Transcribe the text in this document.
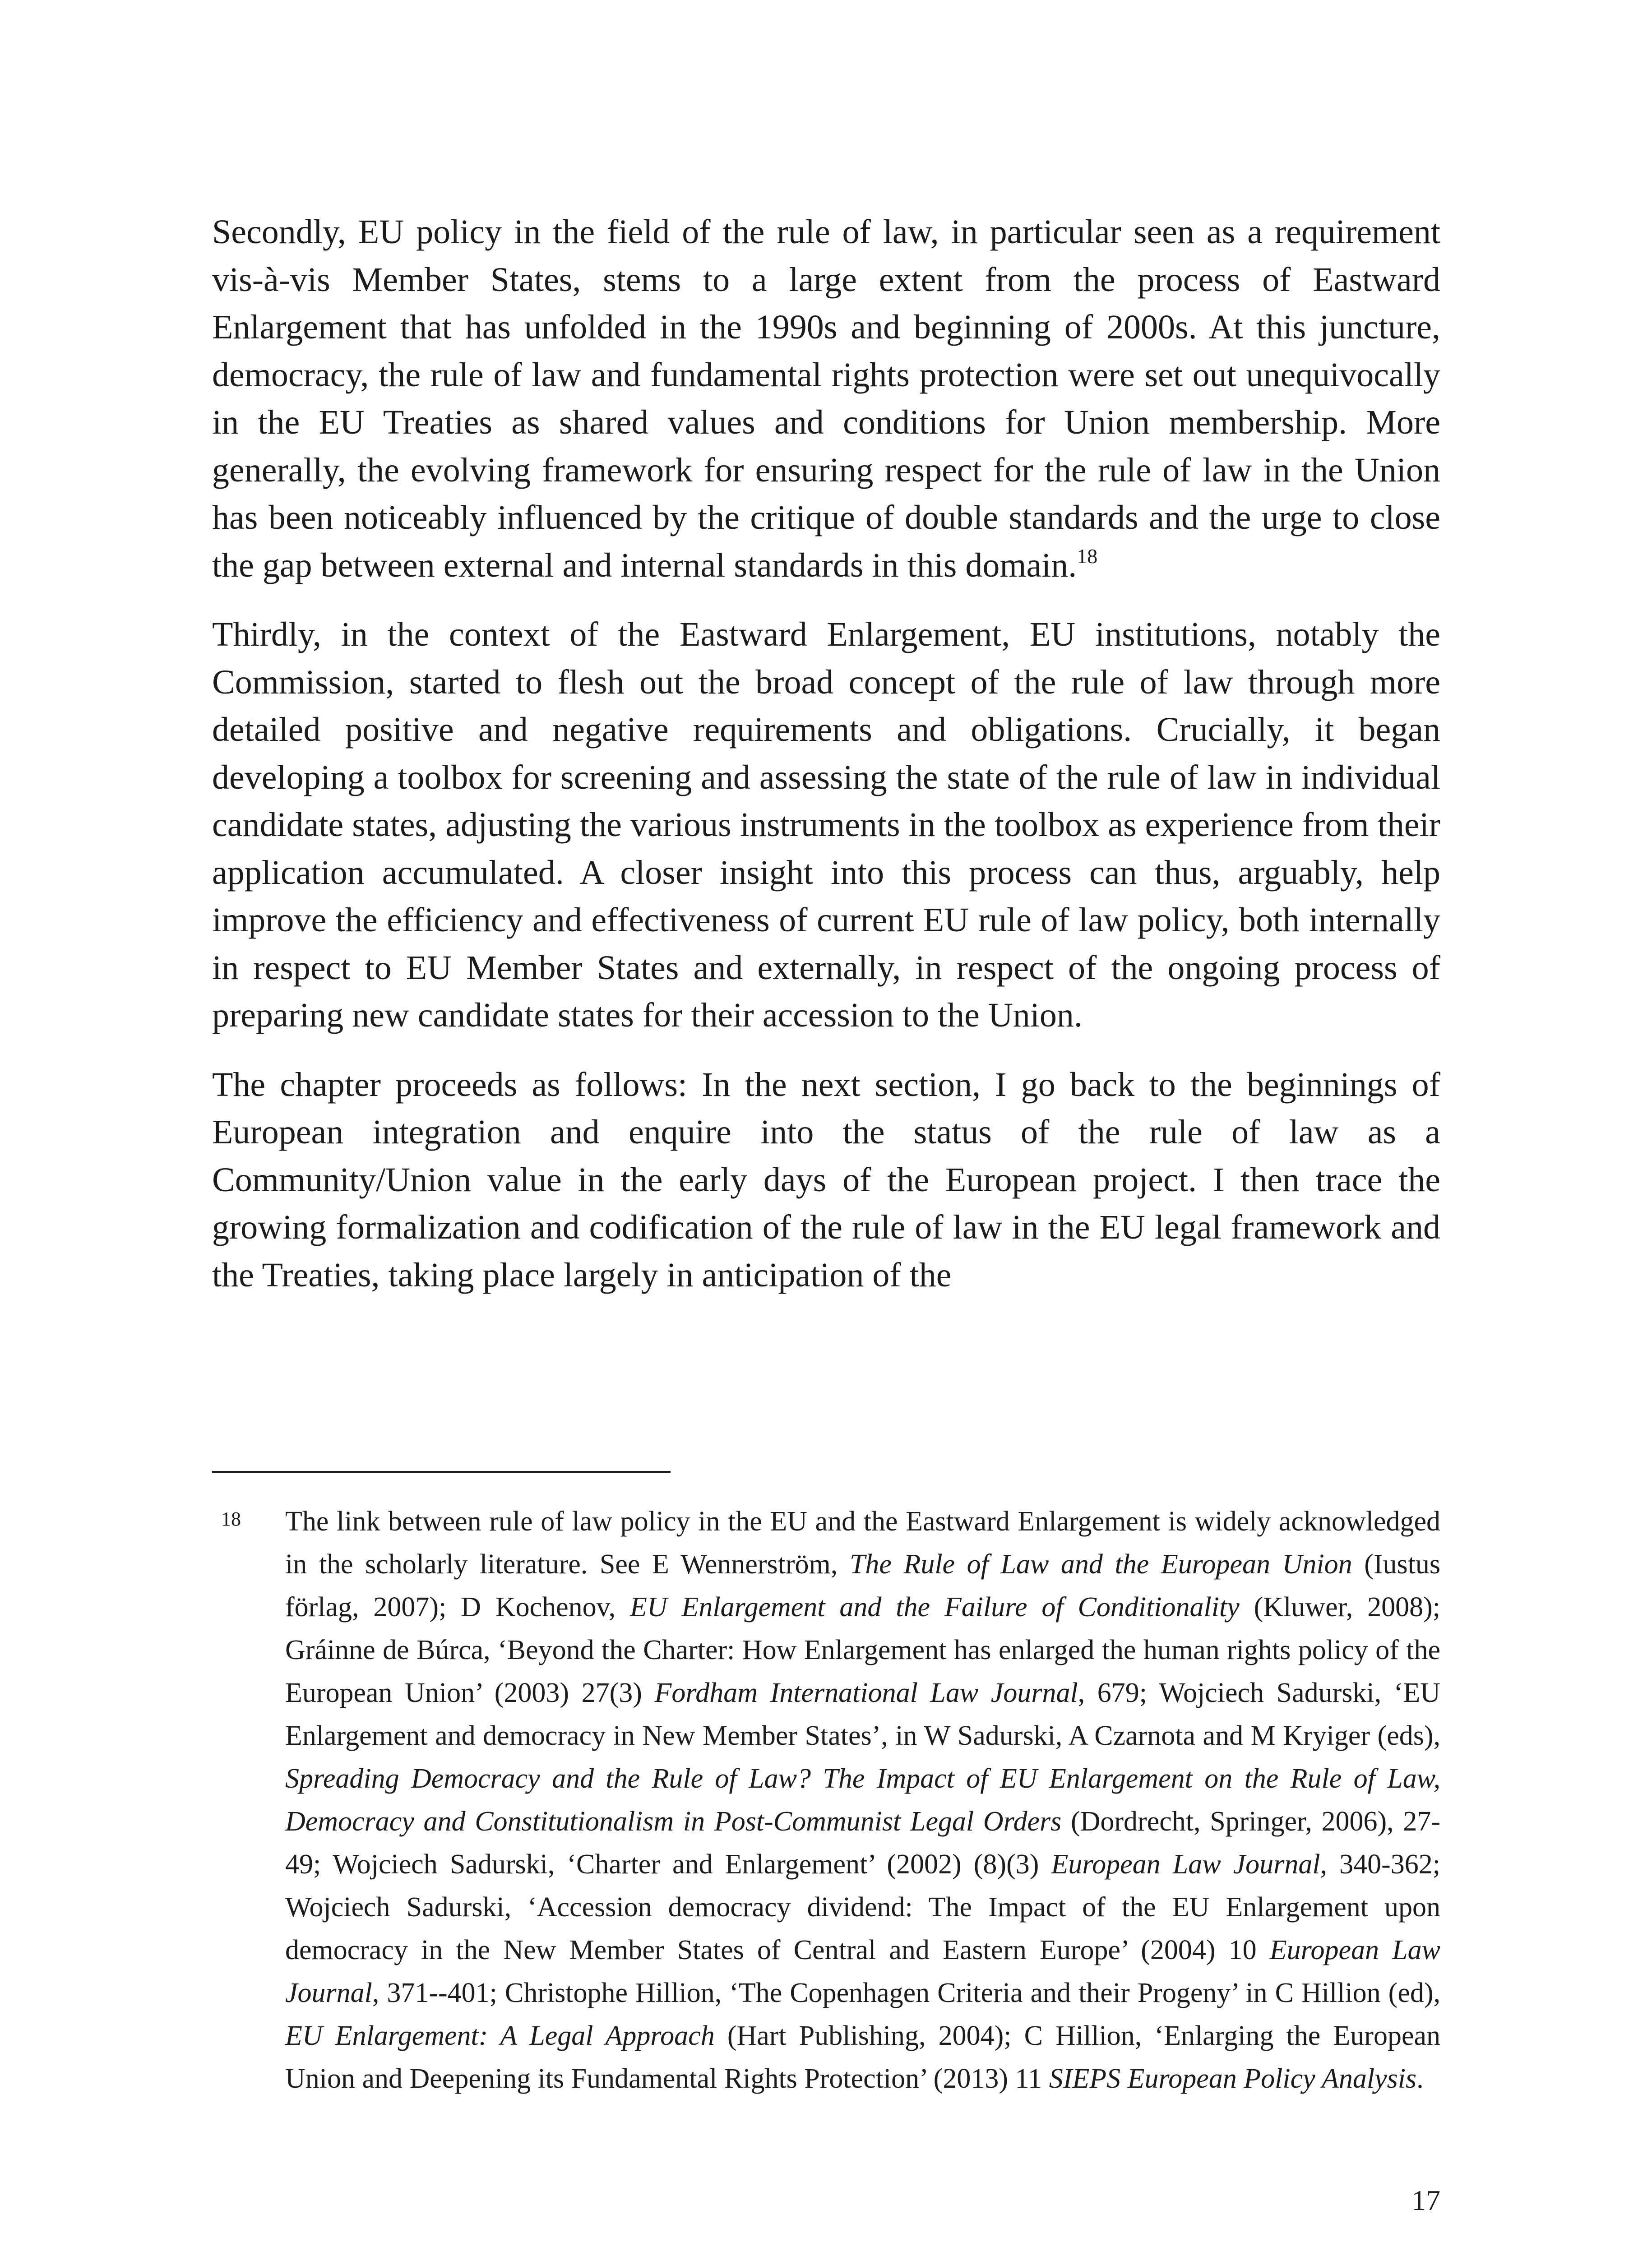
Secondly, EU policy in the field of the rule of law, in particular seen as a requirement vis-à-vis Member States, stems to a large extent from the process of Eastward Enlargement that has unfolded in the 1990s and beginning of 2000s. At this juncture, democracy, the rule of law and fundamental rights protection were set out unequivocally in the EU Treaties as shared values and conditions for Union membership. More generally, the evolving framework for ensuring respect for the rule of law in the Union has been noticeably influenced by the critique of double standards and the urge to close the gap between external and internal standards in this domain.$^{18}$

Thirdly, in the context of the Eastward Enlargement, EU institutions, notably the Commission, started to flesh out the broad concept of the rule of law through more detailed positive and negative requirements and obligations. Crucially, it began developing a toolbox for screening and assessing the state of the rule of law in individual candidate states, adjusting the various instruments in the toolbox as experience from their application accumulated. A closer insight into this process can thus, arguably, help improve the efficiency and effectiveness of current EU rule of law policy, both internally in respect to EU Member States and externally, in respect of the ongoing process of preparing new candidate states for their accession to the Union.

The chapter proceeds as follows: In the next section, I go back to the beginnings of European integration and enquire into the status of the rule of law as a Community/Union value in the early days of the European project. I then trace the growing formalization and codification of the rule of law in the EU legal framework and the Treaties, taking place largely in anticipation of the

18 The link between rule of law policy in the EU and the Eastward Enlargement is widely acknowledged in the scholarly literature. See E Wennerström, The Rule of Law and the European Union (Iustus förlag, 2007); D Kochenov, EU Enlargement and the Failure of Conditionality (Kluwer, 2008); Gráinne de Búrca, ‘Beyond the Charter: How Enlargement has enlarged the human rights policy of the European Union’ (2003) 27(3) Fordham International Law Journal, 679; Wojciech Sadurski, ‘EU Enlargement and democracy in New Member States’, in W Sadurski, A Czarnota and M Kryiger (eds), Spreading Democracy and the Rule of Law? The Impact of EU Enlargement on the Rule of Law, Democracy and Constitutionalism in Post-Communist Legal Orders (Dordrecht, Springer, 2006), 27-49; Wojciech Sadurski, ‘Charter and Enlargement’ (2002) (8)(3) European Law Journal, 340-362; Wojciech Sadurski, ‘Accession democracy dividend: The Impact of the EU Enlargement upon democracy in the New Member States of Central and Eastern Europe’ (2004) 10 European Law Journal, 371--401; Christophe Hillion, ‘The Copenhagen Criteria and their Progeny’ in C Hillion (ed), EU Enlargement: A Legal Approach (Hart Publishing, 2004); C Hillion, ‘Enlarging the European Union and Deepening its Fundamental Rights Protection’ (2013) 11 SIEPS European Policy Analysis.
17
